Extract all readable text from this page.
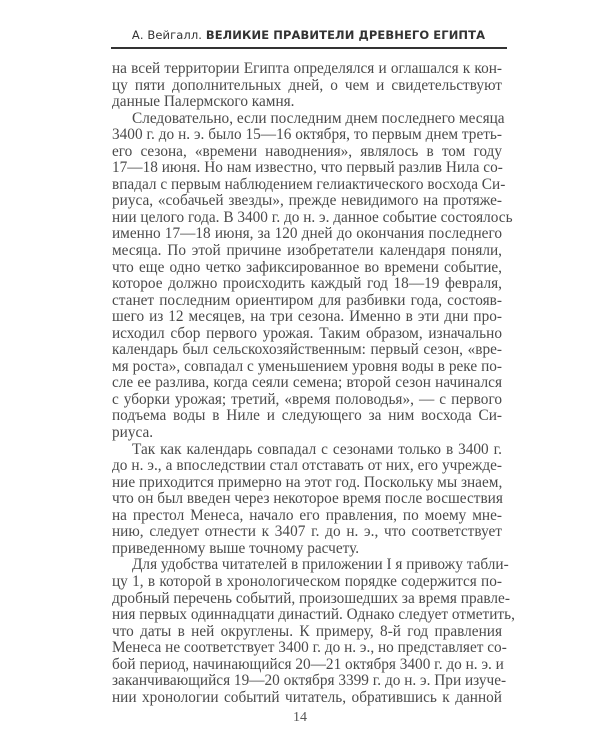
А. Вейгалл. ВЕЛИКИЕ ПРАВИТЕЛИ ДРЕВНЕГО ЕГИПТА
на всей территории Египта определялся и оглашался к кон-
цу пяти дополнительных дней, о чем и свидетельствуют
данные Палермского камня.
Следовательно, если последним днем последнего месяца
3400 г. до н. э. было 15—16 октября, то первым днем треть-
его сезона, «времени наводнения», являлось в том году
17—18 июня. Но нам известно, что первый разлив Нила со-
впадал с первым наблюдением гелиактического восхода Си-
риуса, «собачьей звезды», прежде невидимого на протяже-
нии целого года. В 3400 г. до н. э. данное событие состоялось
именно 17—18 июня, за 120 дней до окончания последнего
месяца. По этой причине изобретатели календаря поняли,
что еще одно четко зафиксированное во времени событие,
которое должно происходить каждый год 18—19 февраля,
станет последним ориентиром для разбивки года, состояв-
шего из 12 месяцев, на три сезона. Именно в эти дни про-
исходил сбор первого урожая. Таким образом, изначально
календарь был сельскохозяйственным: первый сезон, «вре-
мя роста», совпадал с уменьшением уровня воды в реке по-
сле ее разлива, когда сеяли семена; второй сезон начинался
с уборки урожая; третий, «время половодья», — с первого
подъема воды в Ниле и следующего за ним восхода Си-
риуса.
Так как календарь совпадал с сезонами только в 3400 г.
до н. э., а впоследствии стал отставать от них, его учрежде-
ние приходится примерно на этот год. Поскольку мы знаем,
что он был введен через некоторое время после восшествия
на престол Менеса, начало его правления, по моему мне-
нию, следует отнести к 3407 г. до н. э., что соответствует
приведенному выше точному расчету.
Для удобства читателей в приложении I я привожу табли-
цу 1, в которой в хронологическом порядке содержится по-
дробный перечень событий, произошедших за время правле-
ния первых одиннадцати династий. Однако следует отметить,
что даты в ней округлены. К примеру, 8-й год правления
Менеса не соответствует 3400 г. до н. э., но представляет со-
бой период, начинающийся 20—21 октября 3400 г. до н. э. и
заканчивающийся 19—20 октября 3399 г. до н. э. При изуче-
нии хронологии событий читатель, обратившись к данной
14
